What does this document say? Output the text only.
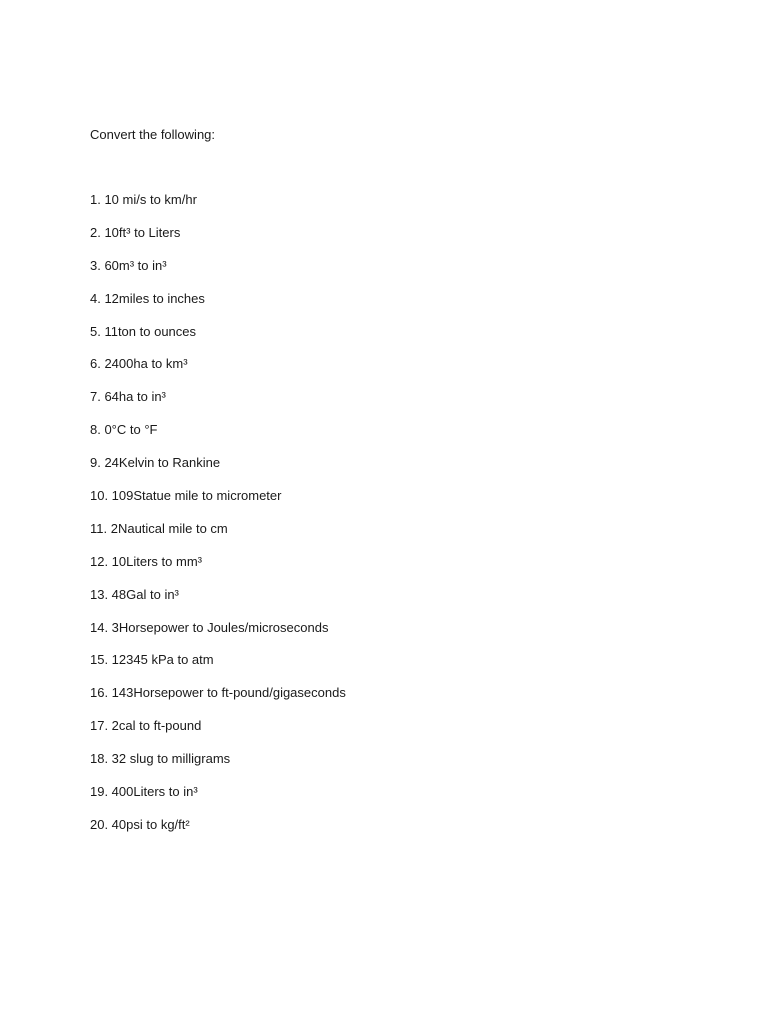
Convert the following:

1. 10 mi/s to km/hr
2. 10ft³ to Liters
3. 60m³ to in³
4. 12miles to inches
5. 11ton to ounces
6. 2400ha to km³
7. 64ha to in³
8. 0°C to °F
9. 24Kelvin to Rankine
10. 109Statue mile to micrometer
11. 2Nautical mile to cm
12. 10Liters to mm³
13. 48Gal to in³
14. 3Horsepower to Joules/microseconds
15. 12345 kPa to atm
16. 143Horsepower to ft-pound/gigaseconds
17. 2cal to ft-pound
18. 32 slug to milligrams
19. 400Liters to in³
20. 40psi to kg/ft²
